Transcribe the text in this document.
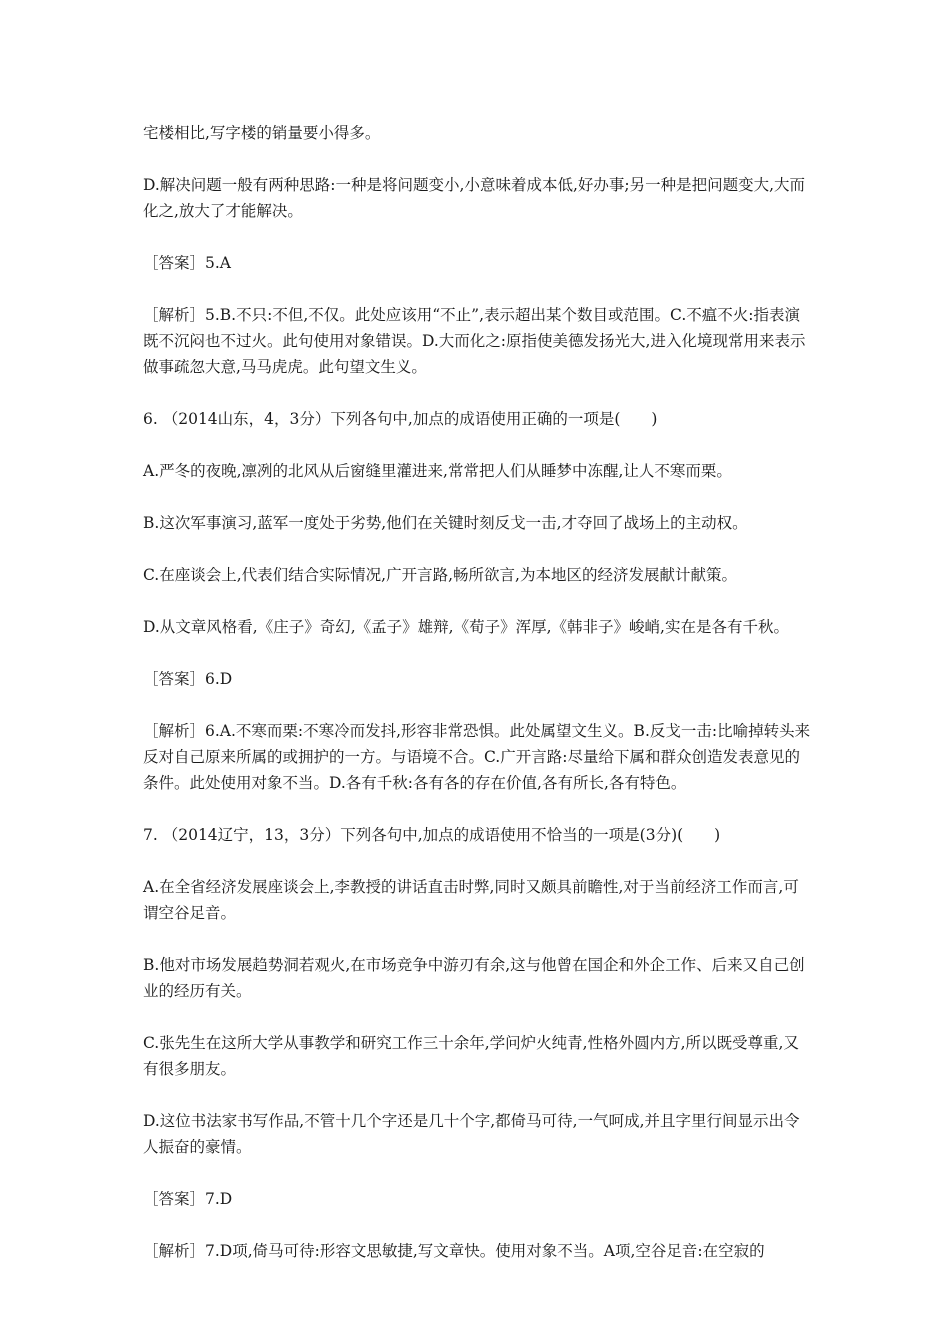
宅楼相比,写字楼的销量要小得多。

D.解决问题一般有两种思路:一种是将问题变小,小意味着成本低,好办事;另一种是把问题变大,大而化之,放大了才能解决。

［答案］5.A

［解析］5.B.不只:不但,不仅。此处应该用“不止”,表示超出某个数目或范围。C.不瘟不火:指表演既不沉闷也不过火。此句使用对象错误。D.大而化之:原指使美德发扬光大,进入化境现常用来表示做事疏忽大意,马马虎虎。此句望文生义。

6. （2014山东，4，3分）下列各句中,加点的成语使用正确的一项是(　　)

A.严冬的夜晚,凛冽的北风从后窗缝里灌进来,常常把人们从睡梦中冻醒,让人不寒而栗。

B.这次军事演习,蓝军一度处于劣势,他们在关键时刻反戈一击,才夺回了战场上的主动权。

C.在座谈会上,代表们结合实际情况,广开言路,畅所欲言,为本地区的经济发展献计献策。

D.从文章风格看,《庄子》奇幻,《孟子》雄辩,《荀子》浑厚,《韩非子》峻峭,实在是各有千秋。

［答案］6.D

［解析］6.A.不寒而栗:不寒冷而发抖,形容非常恐惧。此处属望文生义。B.反戈一击:比喻掉转头来反对自己原来所属的或拥护的一方。与语境不合。C.广开言路:尽量给下属和群众创造发表意见的条件。此处使用对象不当。D.各有千秋:各有各的存在价值,各有所长,各有特色。

7. （2014辽宁，13，3分）下列各句中,加点的成语使用不恰当的一项是(3分)(　　)

A.在全省经济发展座谈会上,李教授的讲话直击时弊,同时又颇具前瞻性,对于当前经济工作而言,可谓空谷足音。

B.他对市场发展趋势洞若观火,在市场竞争中游刃有余,这与他曾在国企和外企工作、后来又自己创业的经历有关。

C.张先生在这所大学从事教学和研究工作三十余年,学问炉火纯青,性格外圆内方,所以既受尊重,又有很多朋友。

D.这位书法家书写作品,不管十几个字还是几十个字,都倚马可待,一气呵成,并且字里行间显示出令人振奋的豪情。

［答案］7.D

［解析］7.D项,倚马可待:形容文思敏捷,写文章快。使用对象不当。A项,空谷足音:在空寂的
